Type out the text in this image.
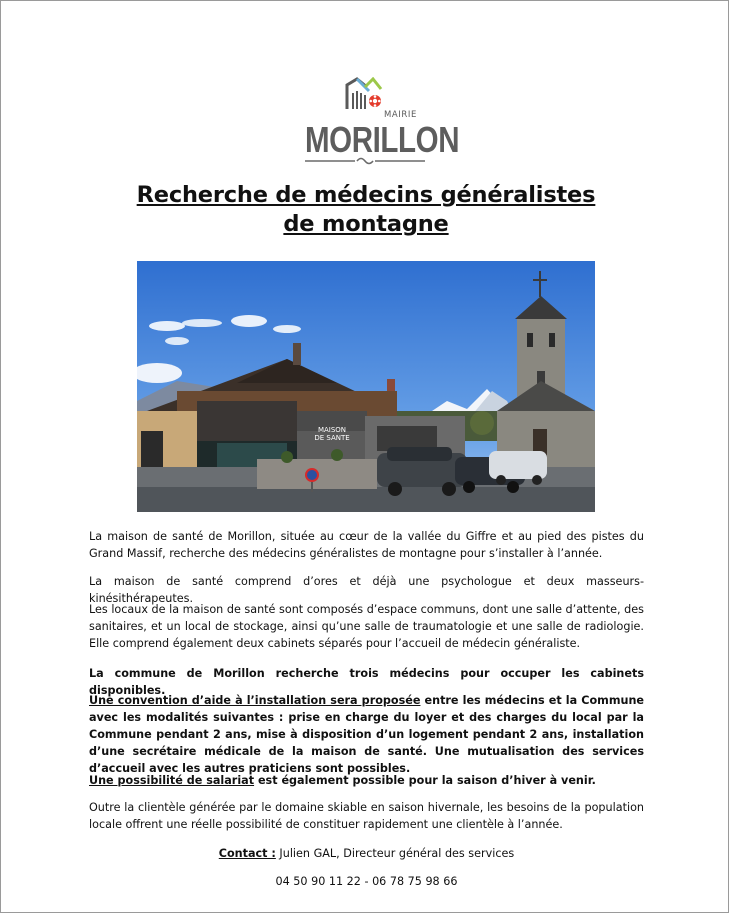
MAIRIE
MORILLON
Recherche de médecins généralistes de montagne
MAISON
DE SANTE

La maison de santé de Morillon, située au cœur de la vallée du Giffre et au pied des pistes du Grand Massif, recherche des médecins généralistes de montagne pour s’installer à l’année.

La maison de santé comprend d’ores et déjà une psychologue et deux masseurs-kinésithérapeutes.

Les locaux de la maison de santé sont composés d’espace communs, dont une salle d’attente, des sanitaires, et un local de stockage, ainsi qu’une salle de traumatologie et une salle de radiologie. Elle comprend également deux cabinets séparés pour l’accueil de médecin généraliste.

La commune de Morillon recherche trois médecins pour occuper les cabinets disponibles.

Une convention d’aide à l’installation sera proposée entre les médecins et la Commune avec les modalités suivantes : prise en charge du loyer et des charges du local par la Commune pendant 2 ans, mise à disposition d’un logement pendant 2 ans, installation d’une secrétaire médicale de la maison de santé. Une mutualisation des services d’accueil avec les autres praticiens sont possibles.

Une possibilité de salariat est également possible pour la saison d’hiver à venir.

Outre la clientèle générée par le domaine skiable en saison hivernale, les besoins de la population locale offrent une réelle possibilité de constituer rapidement une clientèle à l’année.

Contact : Julien GAL, Directeur général des services
04 50 90 11 22 - 06 78 75 98 66
